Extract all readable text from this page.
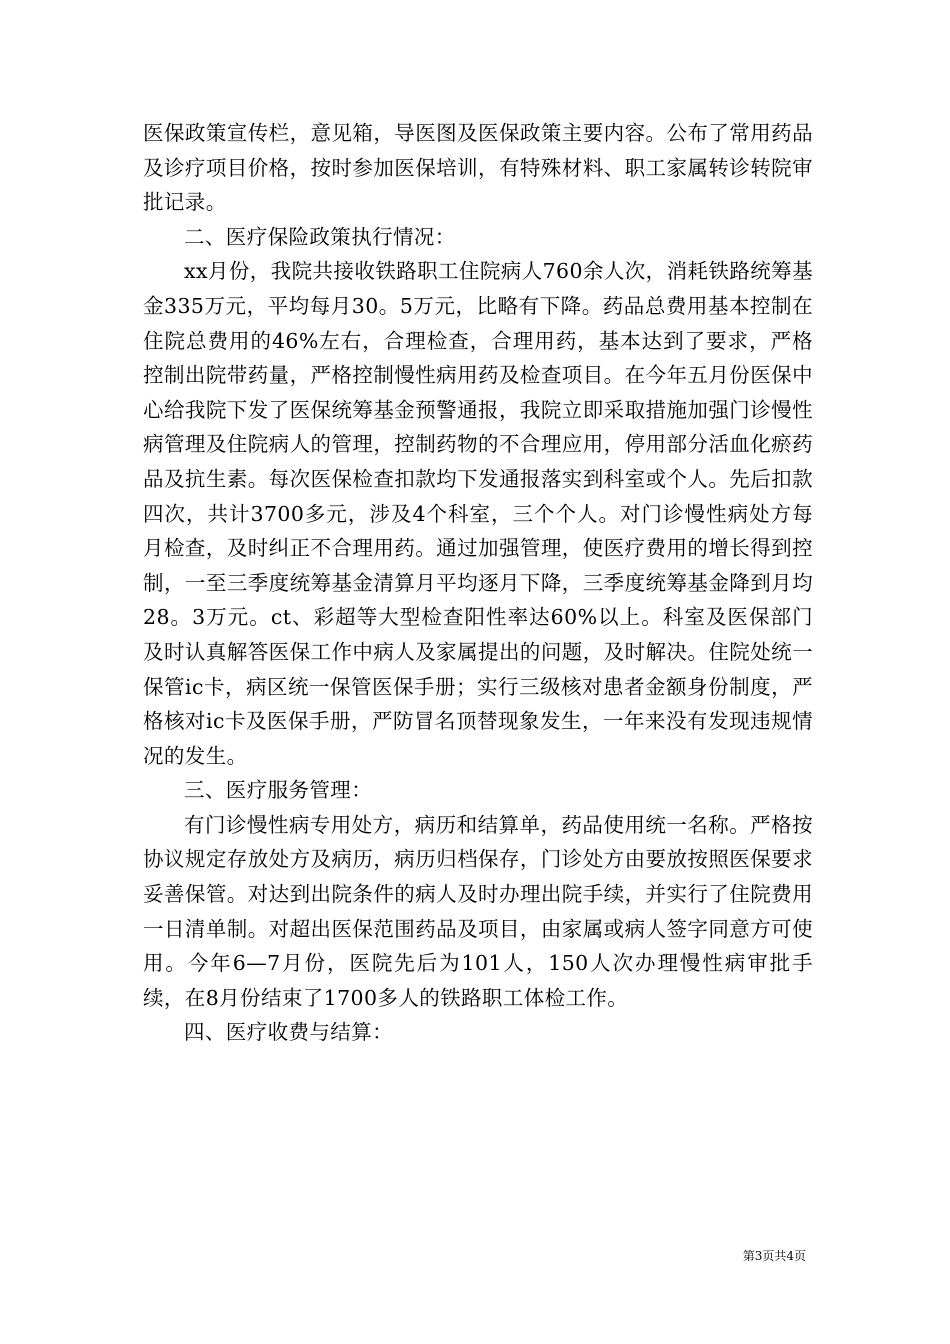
医保政策宣传栏，意见箱，导医图及医保政策主要内容。公布了常用药品及诊疗项目价格，按时参加医保培训，有特殊材料、职工家属转诊转院审批记录。

二、医疗保险政策执行情况：

xx月份，我院共接收铁路职工住院病人760余人次，消耗铁路统筹基金335万元，平均每月30。5万元，比略有下降。药品总费用基本控制在住院总费用的46%左右，合理检查，合理用药，基本达到了要求，严格控制出院带药量，严格控制慢性病用药及检查项目。在今年五月份医保中心给我院下发了医保统筹基金预警通报，我院立即采取措施加强门诊慢性病管理及住院病人的管理，控制药物的不合理应用，停用部分活血化瘀药品及抗生素。每次医保检查扣款均下发通报落实到科室或个人。先后扣款四次，共计3700多元，涉及4个科室，三个个人。对门诊慢性病处方每月检查，及时纠正不合理用药。通过加强管理，使医疗费用的增长得到控制，一至三季度统筹基金清算月平均逐月下降，三季度统筹基金降到月均28。3万元。ct、彩超等大型检查阳性率达60%以上。科室及医保部门及时认真解答医保工作中病人及家属提出的问题，及时解决。住院处统一保管ic卡，病区统一保管医保手册；实行三级核对患者金额身份制度，严格核对ic卡及医保手册，严防冒名顶替现象发生，一年来没有发现违规情况的发生。

三、医疗服务管理：

有门诊慢性病专用处方，病历和结算单，药品使用统一名称。严格按协议规定存放处方及病历，病历归档保存，门诊处方由要放按照医保要求妥善保管。对达到出院条件的病人及时办理出院手续，并实行了住院费用一日清单制。对超出医保范围药品及项目，由家属或病人签字同意方可使用。今年6—7月份，医院先后为101人，150人次办理慢性病审批手续，在8月份结束了1700多人的铁路职工体检工作。

四、医疗收费与结算：

第3页共4页
